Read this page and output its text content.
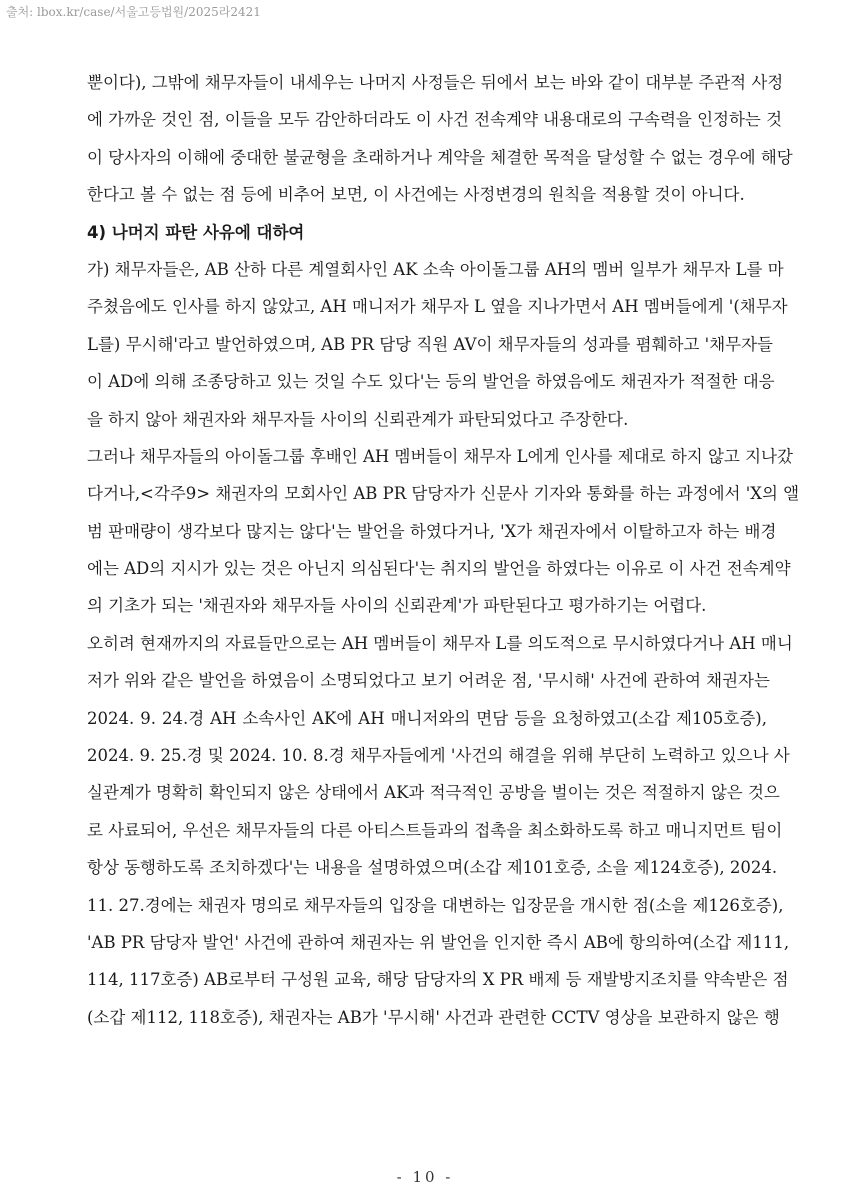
출처: lbox.kr/case/서울고등법원/2025라2421
뿐이다), 그밖에 채무자들이 내세우는 나머지 사정들은 뒤에서 보는 바와 같이 대부분 주관적 사정
에 가까운 것인 점, 이들을 모두 감안하더라도 이 사건 전속계약 내용대로의 구속력을 인정하는 것
이 당사자의 이해에 중대한 불균형을 초래하거나 계약을 체결한 목적을 달성할 수 없는 경우에 해당
한다고 볼 수 없는 점 등에 비추어 보면, 이 사건에는 사정변경의 원칙을 적용할 것이 아니다.
4) 나머지 파탄 사유에 대하여
가) 채무자들은, AB 산하 다른 계열회사인 AK 소속 아이돌그룹 AH의 멤버 일부가 채무자 L를 마
주쳤음에도 인사를 하지 않았고, AH 매니저가 채무자 L 옆을 지나가면서 AH 멤버들에게 '(채무자
L를) 무시해'라고 발언하였으며, AB PR 담당 직원 AV이 채무자들의 성과를 폄훼하고 '채무자들
이 AD에 의해 조종당하고 있는 것일 수도 있다'는 등의 발언을 하였음에도 채권자가 적절한 대응
을 하지 않아 채권자와 채무자들 사이의 신뢰관계가 파탄되었다고 주장한다.
그러나 채무자들의 아이돌그룹 후배인 AH 멤버들이 채무자 L에게 인사를 제대로 하지 않고 지나갔
다거나,<각주9> 채권자의 모회사인 AB PR 담당자가 신문사 기자와 통화를 하는 과정에서 'X의 앨
범 판매량이 생각보다 많지는 않다'는 발언을 하였다거나, 'X가 채권자에서 이탈하고자 하는 배경
에는 AD의 지시가 있는 것은 아닌지 의심된다'는 취지의 발언을 하였다는 이유로 이 사건 전속계약
의 기초가 되는 '채권자와 채무자들 사이의 신뢰관계'가 파탄된다고 평가하기는 어렵다.
오히려 현재까지의 자료들만으로는 AH 멤버들이 채무자 L를 의도적으로 무시하였다거나 AH 매니
저가 위와 같은 발언을 하였음이 소명되었다고 보기 어려운 점, '무시해' 사건에 관하여 채권자는
2024. 9. 24.경 AH 소속사인 AK에 AH 매니저와의 면담 등을 요청하였고(소갑 제105호증),
2024. 9. 25.경 및 2024. 10. 8.경 채무자들에게 '사건의 해결을 위해 부단히 노력하고 있으나 사
실관계가 명확히 확인되지 않은 상태에서 AK과 적극적인 공방을 벌이는 것은 적절하지 않은 것으
로 사료되어, 우선은 채무자들의 다른 아티스트들과의 접촉을 최소화하도록 하고 매니지먼트 팀이
항상 동행하도록 조치하겠다'는 내용을 설명하였으며(소갑 제101호증, 소을 제124호증), 2024.
11. 27.경에는 채권자 명의로 채무자들의 입장을 대변하는 입장문을 개시한 점(소을 제126호증),
'AB PR 담당자 발언' 사건에 관하여 채권자는 위 발언을 인지한 즉시 AB에 항의하여(소갑 제111,
114, 117호증) AB로부터 구성원 교육, 해당 담당자의 X PR 배제 등 재발방지조치를 약속받은 점
(소갑 제112, 118호증), 채권자는 AB가 '무시해' 사건과 관련한 CCTV 영상을 보관하지 않은 행
- 10 -
